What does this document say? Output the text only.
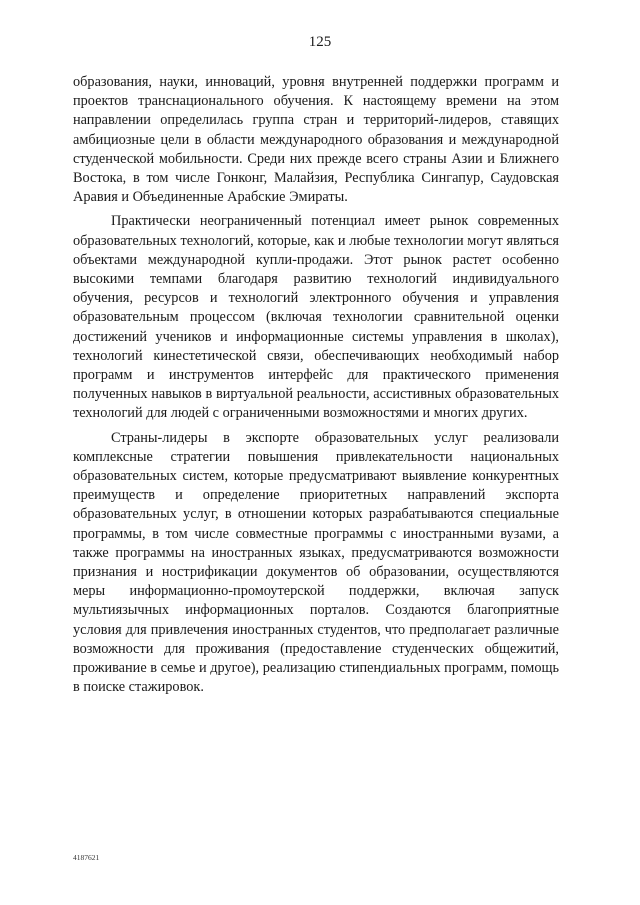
125

образования, науки, инноваций, уровня внутренней поддержки программ и проектов транснационального обучения. К настоящему времени на этом направлении определилась группа стран и территорий-лидеров, ставящих амбициозные цели в области международного образования и международной студенческой мобильности. Среди них прежде всего страны Азии и Ближнего Востока, в том числе Гонконг, Малайзия, Республика Сингапур, Саудовская Аравия и Объединенные Арабские Эмираты.

Практически неограниченный потенциал имеет рынок современных образовательных технологий, которые, как и любые технологии могут являться объектами международной купли-продажи. Этот рынок растет особенно высокими темпами благодаря развитию технологий индивидуального обучения, ресурсов и технологий электронного обучения и управления образовательным процессом (включая технологии сравнительной оценки достижений учеников и информационные системы управления в школах), технологий кинестетической связи, обеспечивающих необходимый набор программ и инструментов интерфейс для практического применения полученных навыков в виртуальной реальности, ассистивных образовательных технологий для людей с ограниченными возможностями и многих других.

Страны-лидеры в экспорте образовательных услуг реализовали комплексные стратегии повышения привлекательности национальных образовательных систем, которые предусматривают выявление конкурентных преимуществ и определение приоритетных направлений экспорта образовательных услуг, в отношении которых разрабатываются специальные программы, в том числе совместные программы с иностранными вузами, а также программы на иностранных языках, предусматриваются возможности признания и нострификации документов об образовании, осуществляются меры информационно-промоутерской поддержки, включая запуск мультиязычных информационных порталов. Создаются благоприятные условия для привлечения иностранных студентов, что предполагает различные возможности для проживания (предоставление студенческих общежитий, проживание в семье и другое), реализацию стипендиальных программ, помощь в поиске стажировок.

4187621
